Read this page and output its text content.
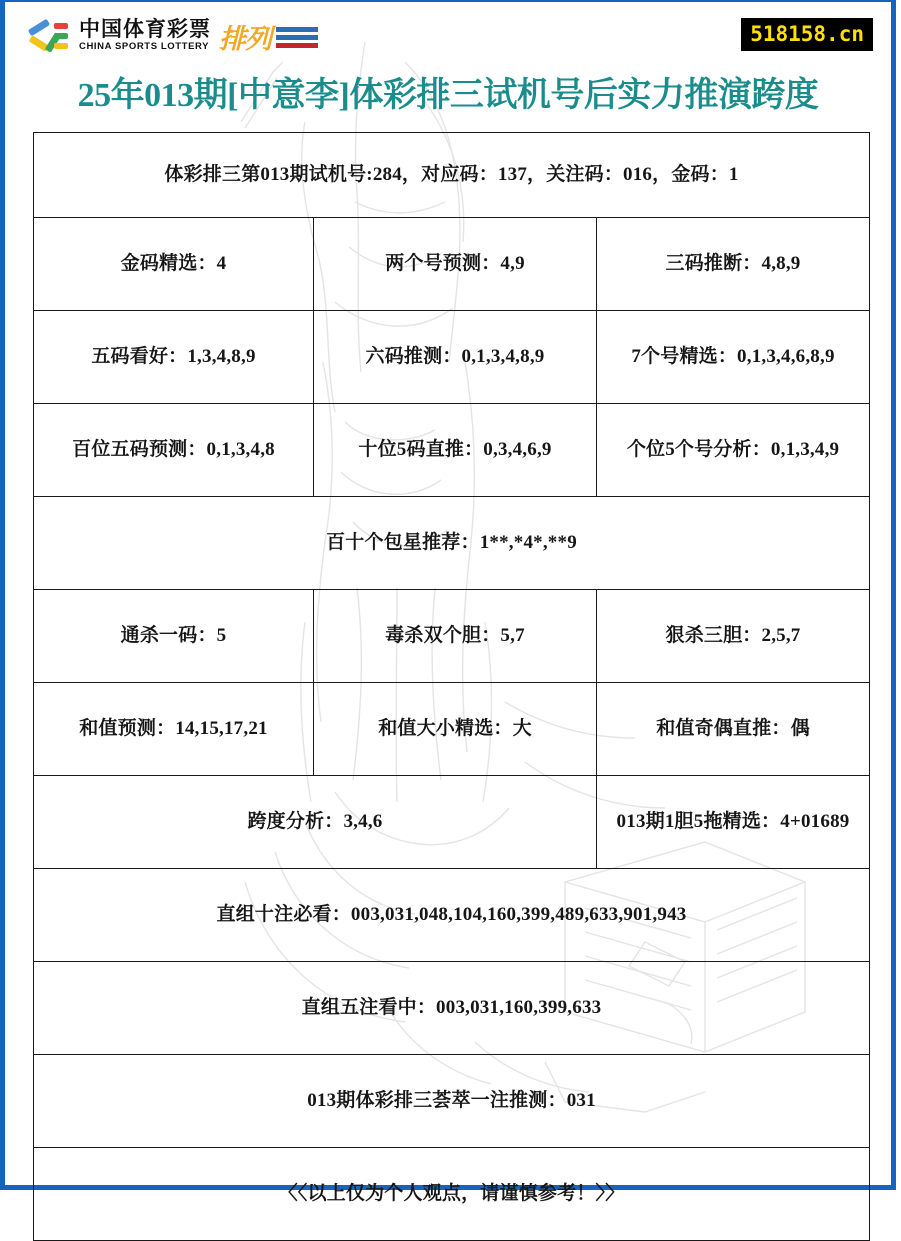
中国体育彩票
CHINA SPORTS LOTTERY 排列	518158.cn
25年013期[中意李]体彩排三试机号后实力推演跨度
体彩排三第013期试机号:284，对应码：137，关注码：016，金码：1		
金码精选：4	两个号预测：4,9	三码推断：4,8,9
五码看好：1,3,4,8,9	六码推测：0,1,3,4,8,9	7个号精选：0,1,3,4,6,8,9
百位五码预测：0,1,3,4,8	十位5码直推：0,3,4,6,9	个位5个号分析：0,1,3,4,9
百十个包星推荐：1**,*4*,**9		
通杀一码：5	毒杀双个胆：5,7	狠杀三胆：2,5,7
和值预测：14,15,17,21	和值大小精选：大	和值奇偶直推：偶
跨度分析：3,4,6		013期1胆5拖精选：4+01689
直组十注必看：003,031,048,104,160,399,489,633,901,943		
直组五注看中：003,031,160,399,633		
013期体彩排三荟萃一注推测：031		
〈〈以上仅为个人观点，请谨慎参考！〉〉		
